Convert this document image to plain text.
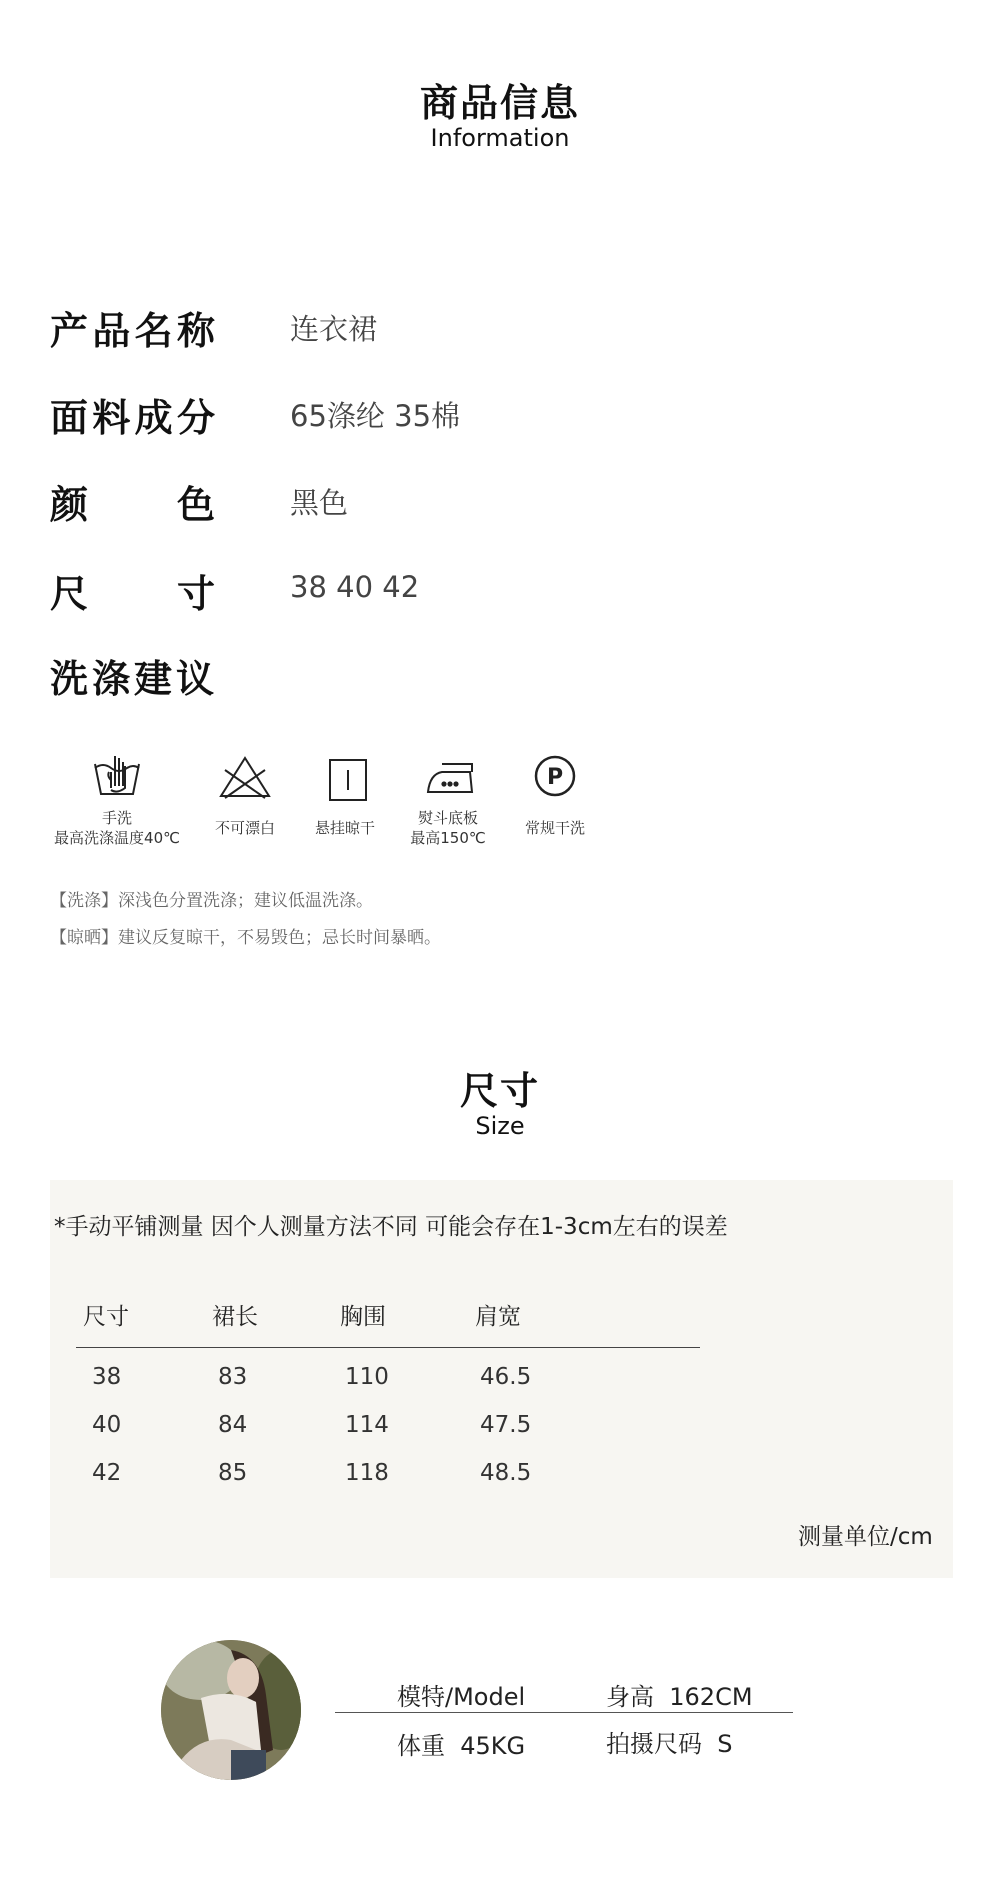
商品信息
Information
产 品 名 称	连衣裙
面 料 成 分	65涤纶 35棉
颜 色	黑色
尺 寸	38 40 42
洗涤建议
手洗
最高洗涤温度40℃
不可漂白	悬挂晾干
熨斗底板
最高150℃
P
常规干洗
【洗涤】深浅色分置洗涤；建议低温洗涤。
【晾晒】建议反复晾干，不易毁色；忌长时间暴晒。
尺寸
Size
*手动平铺测量 因个人测量方法不同 可能会存在1-3cm左右的误差
尺寸	裙长	胸围	肩宽
38	83	110	46.5
40	84	114	47.5
42	85	118	48.5
测量单位/cm
模特/Model	身高 162CM
体重 45KG	拍摄尺码 S
